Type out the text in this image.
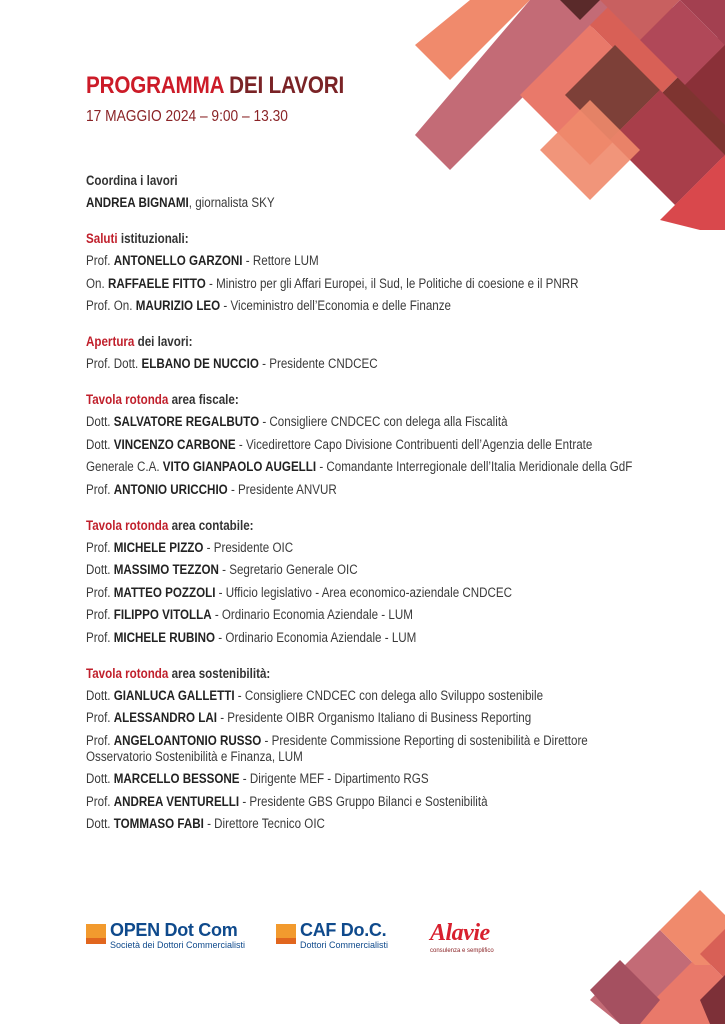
PROGRAMMA DEI LAVORI
17 MAGGIO 2024 – 9:00 – 13.30
Coordina i lavori
ANDREA BIGNAMI, giornalista SKY
Saluti istituzionali:
Prof. ANTONELLO GARZONI - Rettore LUM
On. RAFFAELE FITTO - Ministro per gli Affari Europei, il Sud, le Politiche di coesione e il PNRR
Prof. On. MAURIZIO LEO - Viceministro dell’Economia e delle Finanze
Apertura dei lavori:
Prof. Dott. ELBANO DE NUCCIO - Presidente CNDCEC
Tavola rotonda area fiscale:
Dott. SALVATORE REGALBUTO - Consigliere CNDCEC con delega alla Fiscalità
Dott. VINCENZO CARBONE - Vicedirettore Capo Divisione Contribuenti dell’Agenzia delle Entrate
Generale C.A. VITO GIANPAOLO AUGELLI - Comandante Interregionale dell’Italia Meridionale della GdF
Prof. ANTONIO URICCHIO - Presidente ANVUR
Tavola rotonda area contabile:
Prof. MICHELE PIZZO - Presidente OIC
Dott. MASSIMO TEZZON - Segretario Generale OIC
Prof. MATTEO POZZOLI - Ufficio legislativo - Area economico-aziendale CNDCEC
Prof. FILIPPO VITOLLA - Ordinario Economia Aziendale - LUM
Prof. MICHELE RUBINO - Ordinario Economia Aziendale - LUM
Tavola rotonda area sostenibilità:
Dott. GIANLUCA GALLETTI - Consigliere CNDCEC con delega allo Sviluppo sostenibile
Prof. ALESSANDRO LAI - Presidente OIBR Organismo Italiano di Business Reporting
Prof. ANGELOANTONIO RUSSO - Presidente Commissione Reporting di sostenibilità e Direttore Osservatorio Sostenibilità e Finanza, LUM
Dott. MARCELLO BESSONE - Dirigente MEF - Dipartimento RGS
Prof. ANDREA VENTURELLI - Presidente GBS Gruppo Bilanci e Sostenibilità
Dott. TOMMASO FABI - Direttore Tecnico OIC
OPEN Dot Com
Società dei Dottori Commercialisti
CAF Do.C.
Dottori Commercialisti Alavie
consulenza e semplifico
